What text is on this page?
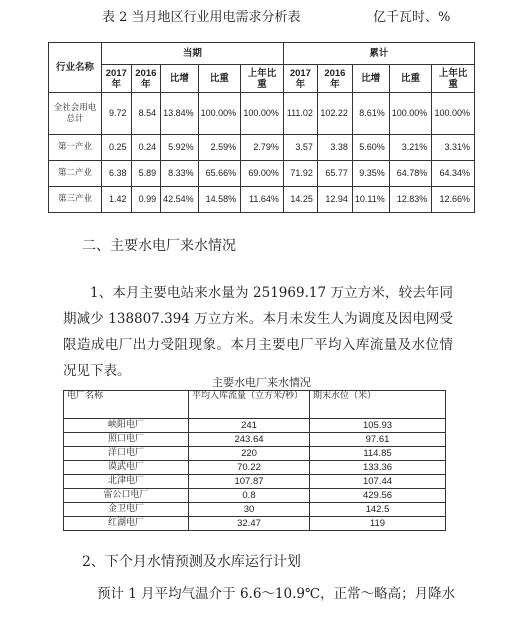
表 2 当月地区行业用电需求分析表	亿千瓦时、%
行业名称	当期					累计				
	2017年	2016年	比增	比重	上年比重	2017年	2016年	比增	比重	上年比重
全社会用电总计	9.72	8.54	13.84%	100.00%	100.00%	111.02	102.22	8.61%	100.00%	100.00%
第一产业	0.25	0.24	5.92%	2.59%	2.79%	3.57	3.38	5.60%	3.21%	3.31%
第二产业	6.38	5.89	8.33%	65.66%	69.00%	71.92	65.77	9.35%	64.78%	64.34%
第三产业	1.42	0.99	42.54%	14.58%	11.64%	14.25	12.94	10.11%	12.83%	12.66%
二、主要水电厂来水情况
1、本月主要电站来水量为 251969.17 万立方米，较去年同期减少 138807.394 万立方米。本月未发生人为调度及因电网受限造成电厂出力受阻现象。本月主要电厂平均入库流量及水位情况见下表。
主要水电厂来水情况
电厂名称	平均入库流量（立方米/秒）	期末水位（米）
峡阳电厂	241	105.93
照口电厂	243.64	97.61
洋口电厂	220	114.85
谟武电厂	70.22	133.36
北津电厂	107.87	107.44
雷公口电厂	0.8	429.56
金卫电厂	30	142.5
红湖电厂	32.47	119
2、下个月水情预测及水库运行计划
预计 1 月平均气温介于 6.6～10.9℃，正常～略高；月降水
